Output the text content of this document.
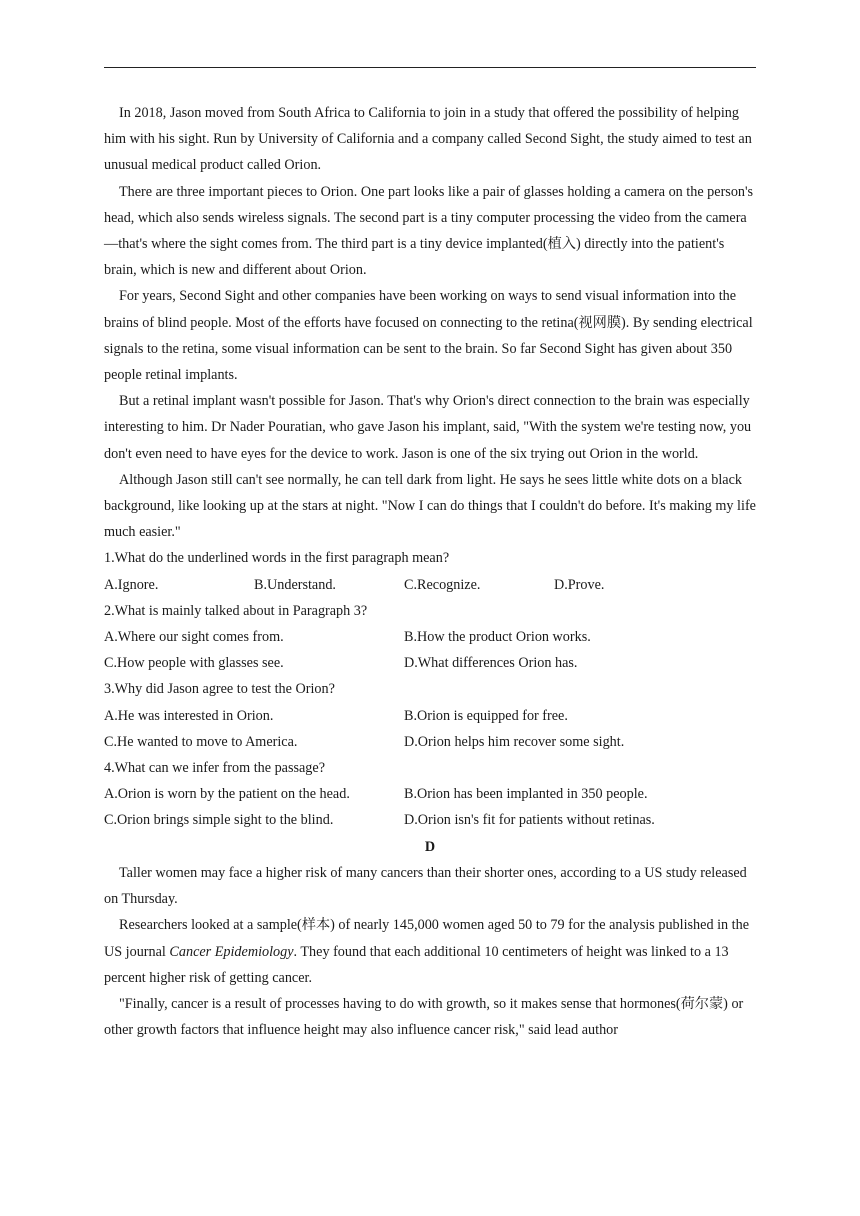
In 2018, Jason moved from South Africa to California to join in a study that offered the possibility of helping him with his sight. Run by University of California and a company called Second Sight, the study aimed to test an unusual medical product called Orion.

There are three important pieces to Orion. One part looks like a pair of glasses holding a camera on the person's head, which also sends wireless signals. The second part is a tiny computer processing the video from the camera —that's where the sight comes from. The third part is a tiny device implanted(植入) directly into the patient's brain, which is new and different about Orion.

For years, Second Sight and other companies have been working on ways to send visual information into the brains of blind people. Most of the efforts have focused on connecting to the retina(视网膜). By sending electrical signals to the retina, some visual information can be sent to the brain. So far Second Sight has given about 350 people retinal implants.

But a retinal implant wasn't possible for Jason. That's why Orion's direct connection to the brain was especially interesting to him. Dr Nader Pouratian, who gave Jason his implant, said, "With the system we're testing now, you don't even need to have eyes for the device to work. Jason is one of the six trying out Orion in the world.

Although Jason still can't see normally, he can tell dark from light. He says he sees little white dots on a black background, like looking up at the stars at night. "Now I can do things that I couldn't do before. It's making my life much easier."

1.What do the underlined words in the first paragraph mean?

A.Ignore.	B.Understand.	C.Recognize.	D.Prove.

2.What is mainly talked about in Paragraph 3?

A.Where our sight comes from.	B.How the product Orion works.
C.How people with glasses see.	D.What differences Orion has.

3.Why did Jason agree to test the Orion?

A.He was interested in Orion.	B.Orion is equipped for free.
C.He wanted to move to America.	D.Orion helps him recover some sight.

4.What can we infer from the passage?

A.Orion is worn by the patient on the head.	B.Orion has been implanted in 350 people.
C.Orion brings simple sight to the blind.	D.Orion isn's fit for patients without retinas.

D

Taller women may face a higher risk of many cancers than their shorter ones, according to a US study released on Thursday.

Researchers looked at a sample(样本) of nearly 145,000 women aged 50 to 79 for the analysis published in the US journal Cancer Epidemiology. They found that each additional 10 centimeters of height was linked to a 13 percent higher risk of getting cancer.

"Finally, cancer is a result of processes having to do with growth, so it makes sense that hormones(荷尔蒙) or other growth factors that influence height may also influence cancer risk," said lead author
